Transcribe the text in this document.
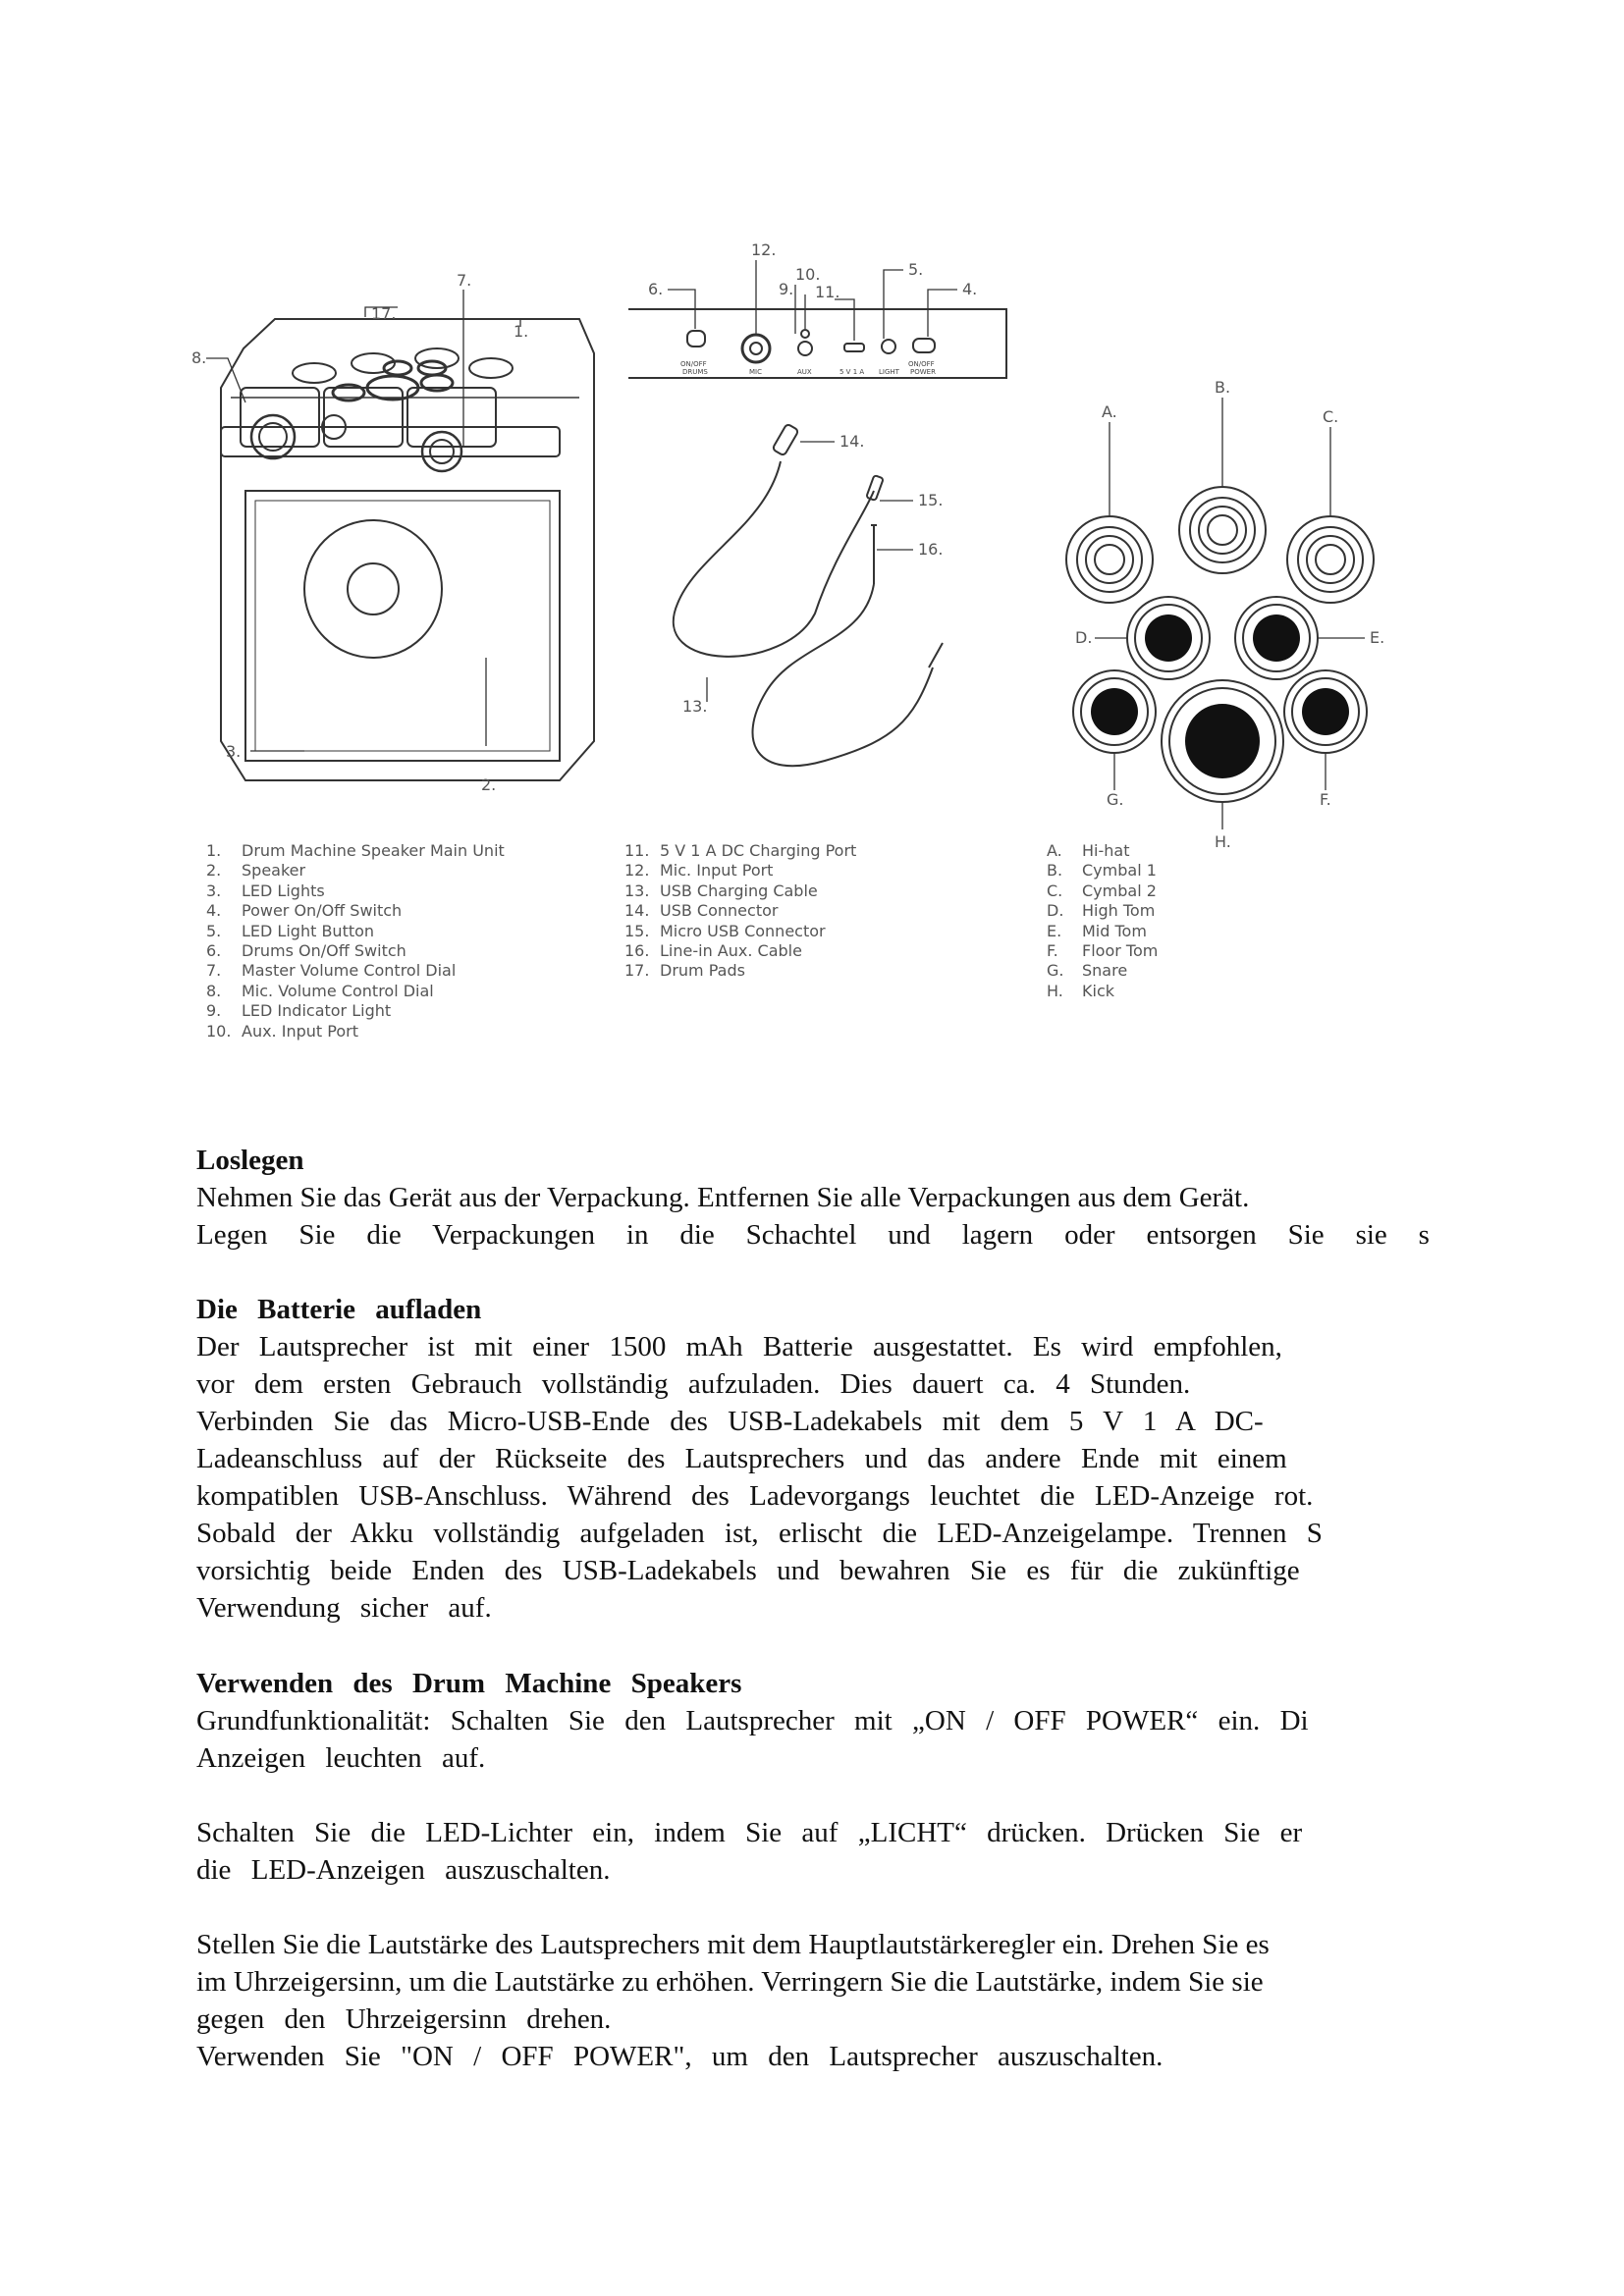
8.
17.
7.
1.
3.
2.
12.
10.
9. 11.
6.
5.
4.
ON/OFF
DRUMS	MIC	AUX	5 V 1 A LIGHT
ON/OFF
POWER
14.
15.
16.
13.
A.
B.
C.
D.	E.
G.	F.
H.
1. Drum Machine Speaker Main Unit
2. Speaker
3. LED Lights
4. Power On/Off Switch
5. LED Light Button
6. Drums On/Off Switch
7. Master Volume Control Dial
8. Mic. Volume Control Dial
9. LED Indicator Light
10. Aux. Input Port
11. 5 V 1 A DC Charging Port
12. Mic. Input Port
13. USB Charging Cable
14. USB Connector
15. Micro USB Connector
16. Line-in Aux. Cable
17. Drum Pads
A. Hi-hat
B. Cymbal 1
C. Cymbal 2
D. High Tom
E. Mid Tom
F. Floor Tom
G. Snare
H. Kick
Loslegen

Nehmen Sie das Gerät aus der Verpackung. Entfernen Sie alle Verpackungen aus dem Gerät.

Legen Sie die Verpackungen in die Schachtel und lagern oder entsorgen Sie sie s

Die Batterie aufladen

Der Lautsprecher ist mit einer 1500 mAh Batterie ausgestattet. Es wird empfohlen,

vor dem ersten Gebrauch vollständig aufzuladen. Dies dauert ca. 4 Stunden.

Verbinden Sie das Micro-USB-Ende des USB-Ladekabels mit dem 5 V 1 A DC-

Ladeanschluss auf der Rückseite des Lautsprechers und das andere Ende mit einem

kompatiblen USB-Anschluss. Während des Ladevorgangs leuchtet die LED-Anzeige rot.

Sobald der Akku vollständig aufgeladen ist, erlischt die LED-Anzeigelampe. Trennen S

vorsichtig beide Enden des USB-Ladekabels und bewahren Sie es für die zukünftige

Verwendung sicher auf.

Verwenden des Drum Machine Speakers

Grundfunktionalität: Schalten Sie den Lautsprecher mit „ON / OFF POWER“ ein. Di

Anzeigen leuchten auf.

Schalten Sie die LED-Lichter ein, indem Sie auf „LICHT“ drücken. Drücken Sie er

die LED-Anzeigen auszuschalten.

Stellen Sie die Lautstärke des Lautsprechers mit dem Hauptlautstärkeregler ein. Drehen Sie es

im Uhrzeigersinn, um die Lautstärke zu erhöhen. Verringern Sie die Lautstärke, indem Sie sie

gegen den Uhrzeigersinn drehen.

Verwenden Sie "ON / OFF POWER", um den Lautsprecher auszuschalten.
